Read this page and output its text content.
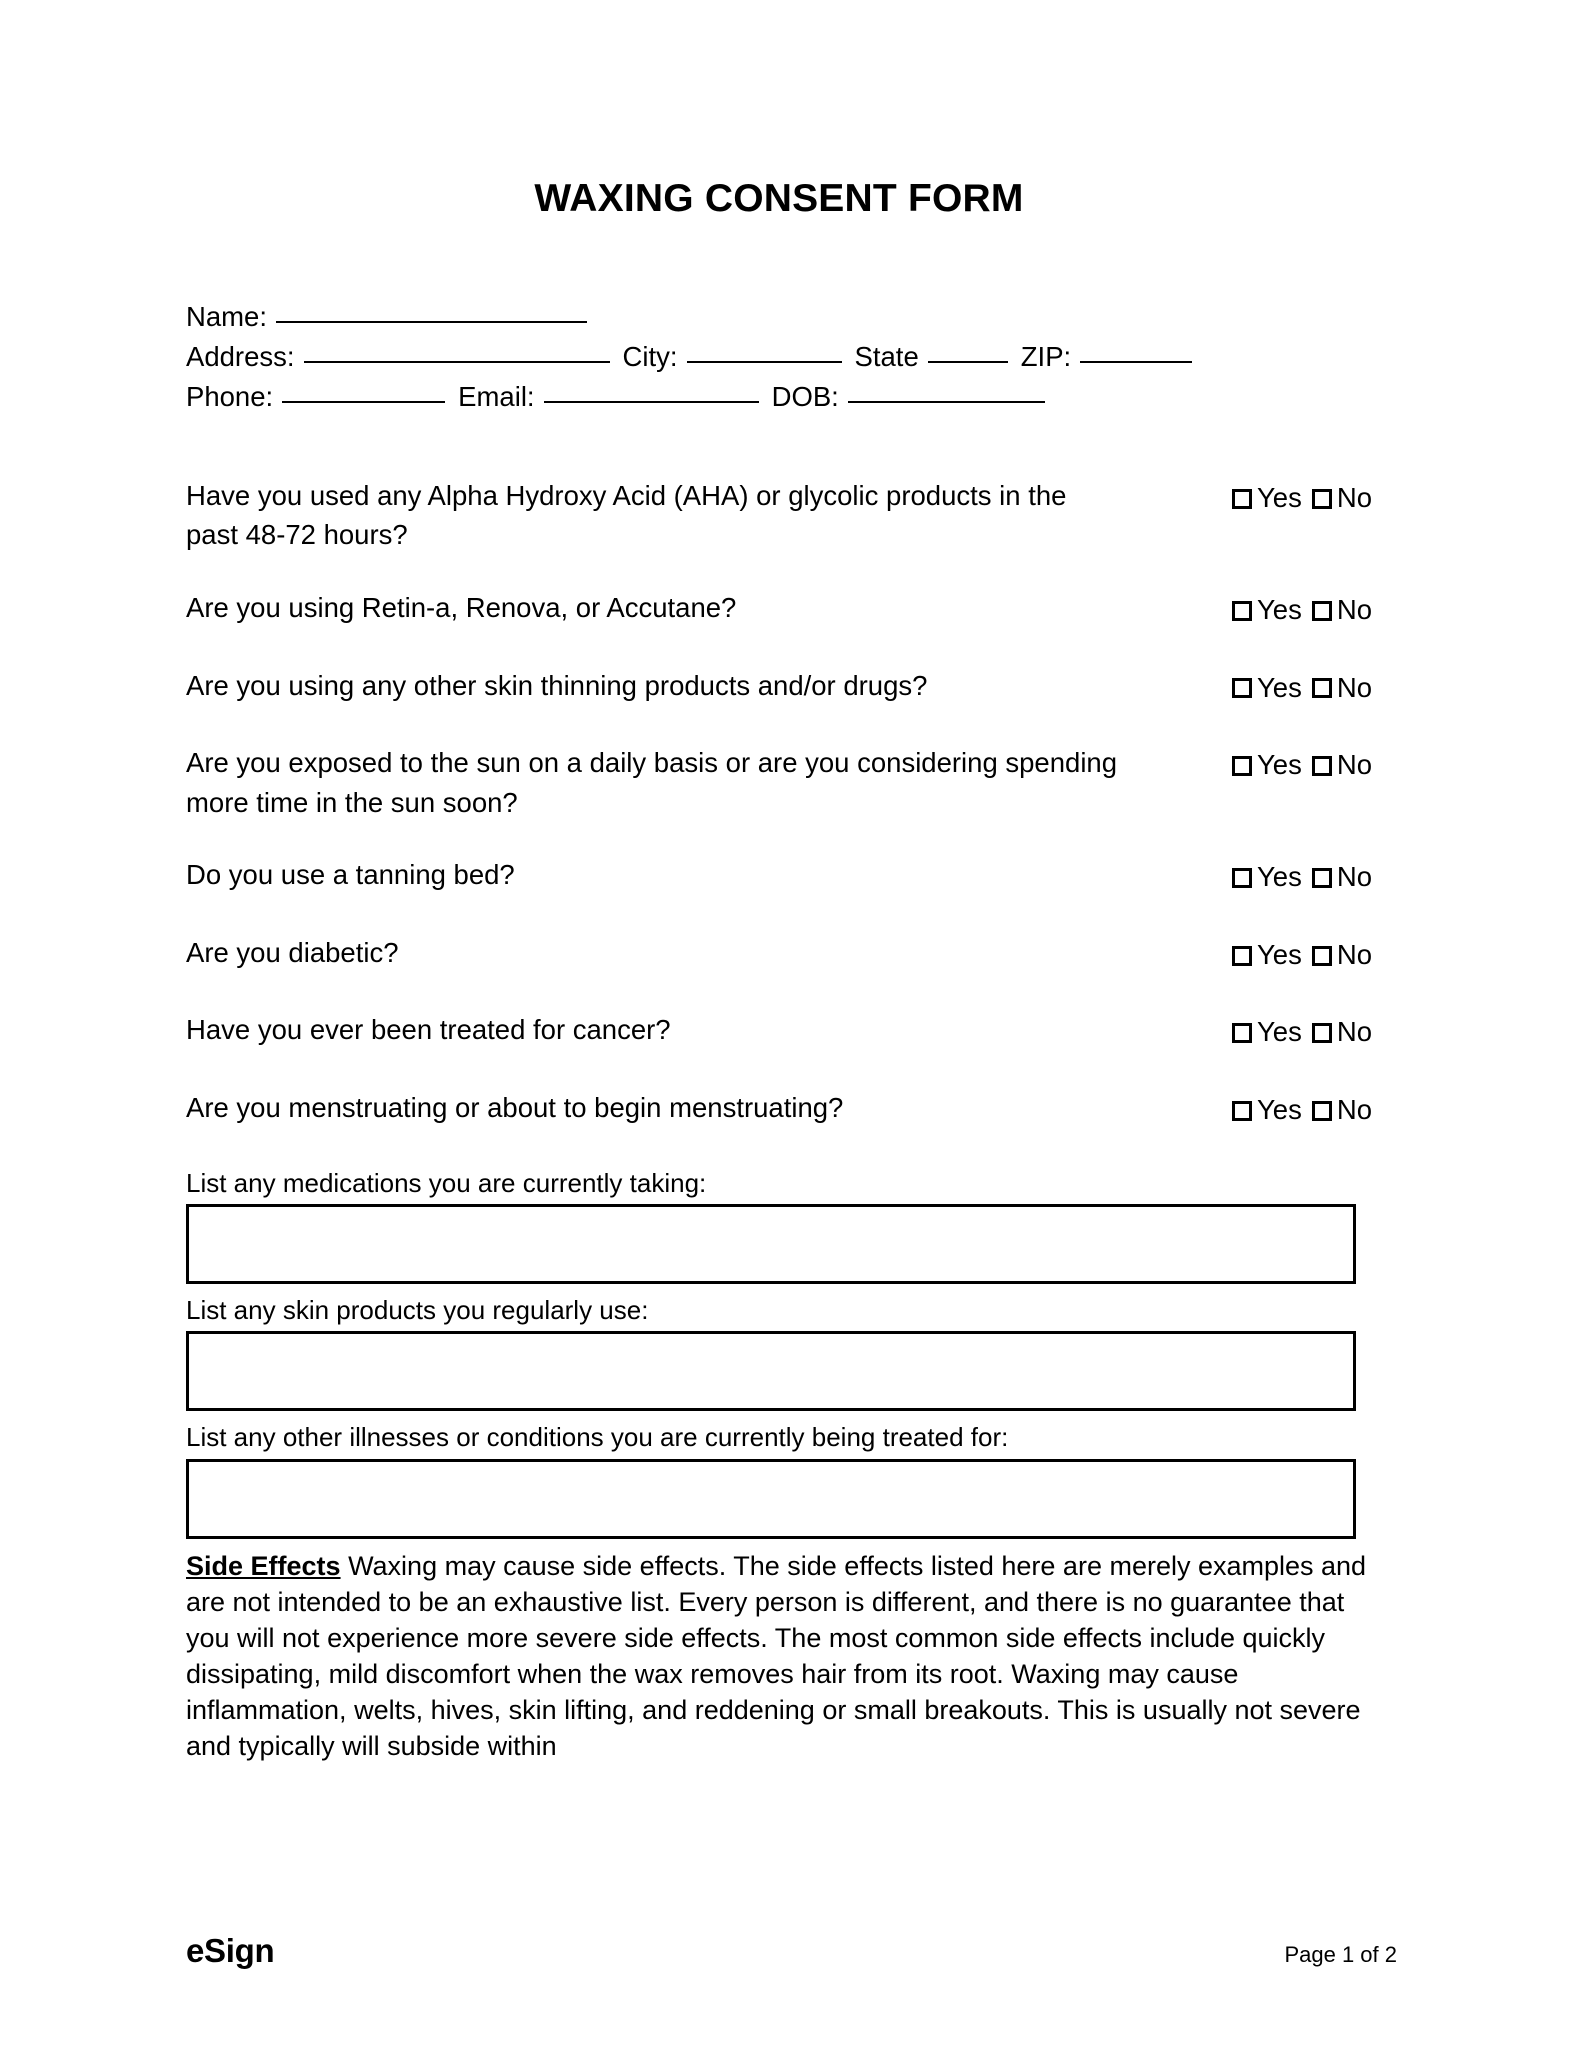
WAXING CONSENT FORM
Name:
Address:	City:	State	ZIP:
Phone:	Email:	DOB:
Have you used any Alpha Hydroxy Acid (AHA) or glycolic products in the past 48-72 hours?
Yes No
Are you using Retin-a, Renova, or Accutane?	Yes No
Are you using any other skin thinning products and/or drugs?	Yes No
Are you exposed to the sun on a daily basis or are you considering spending more time in the sun soon?
Yes No
Do you use a tanning bed?	Yes No
Are you diabetic?	Yes No
Have you ever been treated for cancer?	Yes No
Are you menstruating or about to begin menstruating?	Yes No
List any medications you are currently taking:
List any skin products you regularly use:
List any other illnesses or conditions you are currently being treated for:

Side Effects Waxing may cause side effects. The side effects listed here are merely examples and are not intended to be an exhaustive list. Every person is different, and there is no guarantee that you will not experience more severe side effects. The most common side effects include quickly dissipating, mild discomfort when the wax removes hair from its root. Waxing may cause inflammation, welts, hives, skin lifting, and reddening or small breakouts. This is usually not severe and typically will subside within

eSign	Page 1 of 2
